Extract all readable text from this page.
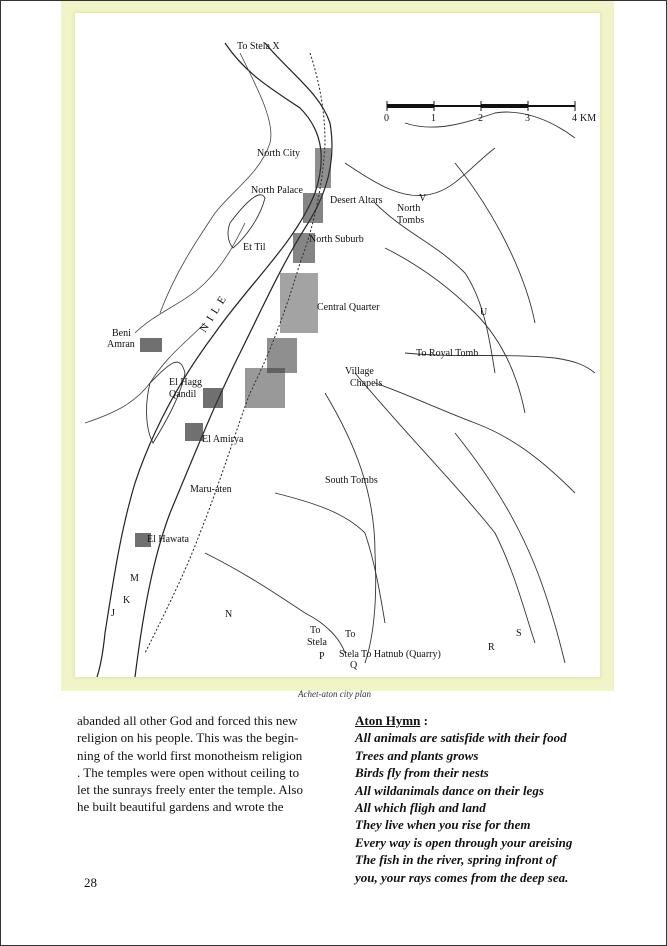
0	1	2	3	4 KM
To Stela X
North City
North Palace
Desert Altars
North
Tombs
V
North Suburb
Et Til
NILE	Central Quarter	U
Beni
Amran
To Royal Tomb
Village
Chapels
El Hagg
Qandil
El Amirya
South Tombs
Maru-aten
El Hawata
M
K
J	N
To
Stela
P
To
Stela
Q
To Hatnub (Quarry)
R
S
Achet-aton city plan

abanded all other God and forced this new

religion on his people. This was the begin-

ning of the world first monotheism religion

. The temples were open without ceiling to

let the sunrays freely enter the temple. Also

he built beautiful gardens and wrote the

Aton Hymn :
All animals are satisfide with their food
Trees and plants grows
Birds fly from their nests
All wildanimals dance on their legs
All which fligh and land
They live when you rise for them
Every way is open through your areising
The fish in the river, spring infront of
you, your rays comes from the deep sea.
28
